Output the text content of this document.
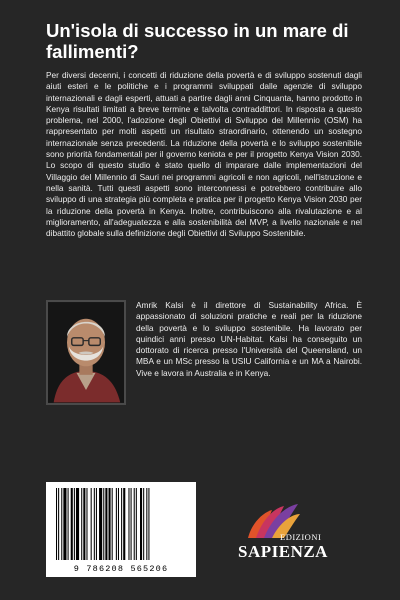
Un'isola di successo in un mare di fallimenti?

Per diversi decenni, i concetti di riduzione della povertà e di sviluppo sostenuti dagli aiuti esteri e le politiche e i programmi sviluppati dalle agenzie di sviluppo internazionali e dagli esperti, attuati a partire dagli anni Cinquanta, hanno prodotto in Kenya risultati limitati a breve termine e talvolta contraddittori. In risposta a questo problema, nel 2000, l'adozione degli Obiettivi di Sviluppo del Millennio (OSM) ha rappresentato per molti aspetti un risultato straordinario, ottenendo un sostegno internazionale senza precedenti. La riduzione della povertà e lo sviluppo sostenibile sono priorità fondamentali per il governo keniota e per il progetto Kenya Vision 2030. Lo scopo di questo studio è stato quello di imparare dalle implementazioni del Villaggio del Millennio di Sauri nei programmi agricoli e non agricoli, nell'istruzione e nella sanità. Tutti questi aspetti sono interconnessi e potrebbero contribuire allo sviluppo di una strategia più completa e pratica per il progetto Kenya Vision 2030 per la riduzione della povertà in Kenya. Inoltre, contribuiscono alla rivalutazione e al miglioramento, all'adeguatezza e alla sostenibilità del MVP, a livello nazionale e nel dibattito globale sulla definizione degli Obiettivi di Sviluppo Sostenibile.

Amrik Kalsi è il direttore di Sustainability Africa. È appassionato di soluzioni pratiche e reali per la riduzione della povertà e lo sviluppo sostenibile. Ha lavorato per quindici anni presso UN-Habitat. Kalsi ha conseguito un dottorato di ricerca presso l'Università del Queensland, un MBA e un MSc presso la USIU California e un MA a Nairobi. Vive e lavora in Australia e in Kenya.

9 786208 565206
EDIZIONI
SAPIENZA
